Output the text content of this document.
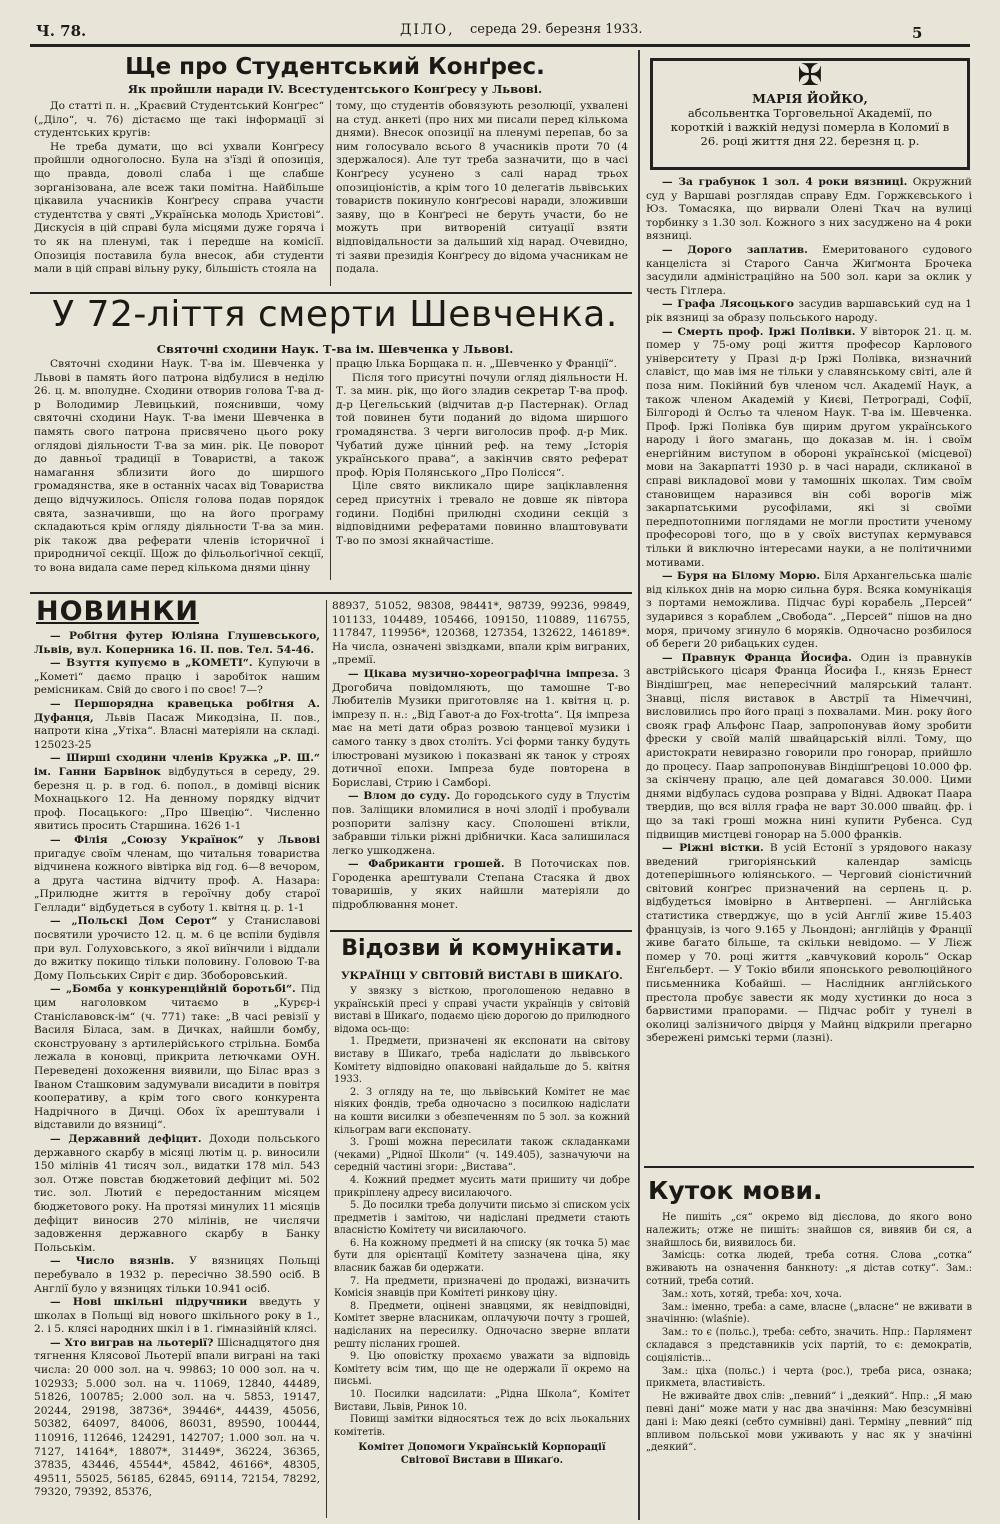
Ч. 78.	ДІЛО, середа 29. березня 1933.	5
Ще про Студентський Конґрес.
Як пройшли наради IV. Всестудентського Конґресу у Львові.

До статті п. н. „Краєвий Студентський Конґрес“ („Діло“, ч. 76) дістаємо ще такі інформації зі студентських кругів:

Не треба думати, що всі ухвали Конґресу пройшли одноголосно. Була на з'їзді й опозиція, що правда, доволі слаба і ще слабше зорганізована, але всеж таки помітна. Найбільше цікавила учасників Конґресу справа участи студентства у святі „Українська молодь Христові“. Дискусія в цій справі була місцями дуже горяча і то як на пленумі, так і передше на комісії. Опозиція поставила була внесок, аби студенти мали в цій справі вільну руку, більшість стояла на

тому, що студентів обовязують резолюції, ухвалені на студ. анкеті (про них ми писали перед кількома днями). Внесок опозиції на пленумі перепав, бо за ним голосувало всього 8 учасників проти 70 (4 здержалося). Але тут треба зазначити, що в часі Конґресу усунено з салі нарад трьох опозиціоністів, а крім того 10 делегатів львівських товариств покинуло конґресові наради, зложивши заяву, що в Конґресі не беруть участи, бо не можуть при витвореній ситуації взяти відповідальности за дальший хід нарад. Очевидно, ті заяви президія Конґресу до відома учасникам не подала.

✠
МАРІЯ ЙОЙКО,
абсольвентка Торговельної Академії, по короткій і важкій недузі померла в Коломиї в 26. році життя дня 22. березня ц. р.

— За грабунок 1 зол. 4 роки вязниці. Окружний суд у Варшаві розглядав справу Едм. Горжкєвського і Юз. Томасяка, що вирвали Олені Ткач на вулиці торбинку з 1.30 зол. Кожного з них засуджено на 4 роки вязниці.

— Дорого заплатив. Емеритованого судового канцеліста зі Старого Санча Жиґмонта Брочека засудили адміністраційно на 500 зол. кари за оклик у честь Гітлера.

— Графа Лясоцького засудив варшавський суд на 1 рік вязниці за образу польського народу.

— Смерть проф. Іржі Полівки. У вівторок 21. ц. м. помер у 75-ому році життя професор Карлового університету у Празі д-р Іржі Полівка, визначний славіст, що мав імя не тільки у славянському світі, але й поза ним. Покійний був членом чсл. Академії Наук, а також членом Академій у Києві, Петрограді, Софії, Білгороді й Ослъо та членом Наук. Т-ва ім. Шевченка. Проф. Іржі Полівка був щирим другом українського народу і його змагань, що доказав м. ін. і своїм енергійним виступом в обороні української (місцевої) мови на Закарпатті 1930 р. в часі наради, скликаної в справі викладової мови у тамошніх школах. Тим своїм становищем наразився він собі ворогів між закарпатськими русофілами, які зі своїми передпотопними поглядами не могли простити ученому професорові того, що в у своїх виступах кермувався тільки й виключно інтересами науки, а не політичними мотивами.

— Буря на Білому Морю. Біля Архангельська шаліє від кількох днів на морю сильна буря. Всяка комунікація з портами неможлива. Підчас бурі корабель „Персей“ зударився з кораблем „Свобода“. „Персей“ пішов на дно моря, причому згинуло 6 моряків. Одночасно розбилося об береги 20 рибацьких суден.

— Правнук Франца Йосифа. Один із правнуків австрійського цісаря Франца Йосифа І., князь Ернест Віндішґрец, має непересічний малярський талант. Знавці, після виставок в Австрії та Німеччині, висловились про його праці з похвалами. Мин. року його свояк граф Альфонс Паар, запропонував йому зробити фрески у своїй малій швайцарській віллі. Тому, що аристократи невиразно говорили про гонорар, прийшло до процесу. Паар запропонував Віндішґрецові 10.000 фр. за скінчену працю, але цей домагався 30.000. Цими днями відбулась судова розправа у Відні. Адвокат Паара твердив, що вся вілля графа не варт 30.000 швайц. фр. і що за такі гроші можна нині купити Рубенса. Суд підвищив мистцеві гонорар на 5.000 франків.

— Ріжні вістки. В усій Естонії з урядового наказу введений григоріянський календар замісць дотеперішнього юліянського. — Черговий сіоністичний світовий конґрес призначений на серпень ц. р. відбудеться імовірно в Антверпені. — Англійська статистика стверджує, що в усій Англії живе 15.403 французів, із чого 9.165 у Льондоні; англійців у Франції живе багато більше, та скільки невідомо. — У Лієж помер у 70. році життя „кавчуковий король“ Оскар Енґельберт. — У Токіо вбили японського революційного письменника Кобайші. — Наслідник англійського престола пробує завести як моду хустинки до носа з барвистими прапорами. — Підчас робіт у тунелі в околиці залізничого двірця у Майнц відкрили прегарно збережені римські терми (лазні).

У 72-ліття смерти Шевченка.
Святочні сходини Наук. Т-ва ім. Шевченка у Львові.

Святочні сходини Наук. Т-ва ім. Шевченка у Львові в память його патрона відбулися в неділю 26. ц. м. вполудне. Сходини отворив голова Т-ва д-р Володимир Левицький, пояснивши, чому святочні сходини Наук. Т-ва імени Шевченка в память свого патрона присвячено цього року оглядові діяльности Т-ва за мин. рік. Це поворот до давньої традиції в Товаристві, а також намагання зблизити його до ширшого громадянства, яке в останніх часах від Товариства дещо відчужилось. Опісля голова подав порядок свята, зазначивши, що на його програму складаються крім огляду діяльности Т-ва за мин. рік також два реферати членів історичної і природничої секції. Щож до фільольоґічної секції, то вона видала саме перед кількома днями цінну

працю Ількa Борщака п. н. „Шевченко у Франції“.

Після того присутні почули огляд діяльности Н. Т. за мин. рік, що його зладив секретар Т-ва проф. д-р Цегельський (відчитав д-р Пастернак). Оглад той повинен бути поданий до відома ширшого громадянства. З черги виголосив проф. д-р Мик. Чубатий дуже цінний реф. на тему „Історія українського права“, а закінчив свято реферат проф. Юрія Полянського „Про Полісся“.

Ціле свято викликало щире заціклавлення серед присутніх і тревало не довше як півтора години. Подібні прилюдні сходини секцій з відповідними рефератами повинно влаштовувати Т-во по змозі якнайчастіше.

НОВИНКИ

— Робітня футер Юліяна Глушевського, Львів, вул. Коперника 16. ІІ. пов. Тел. 54-46.

— Взуття купуємо в „КОМЕТІ“. Купуючи в „Кометі“ даємо працю і заробіток нашим ремісникам. Свій до свого і по своє! 7—?

— Першорядна кравецька робітня А. Дуфанця, Львів Пасаж Микодзіна, ІІ. пов., напроти кіна „Утіха“. Власні матеріяли на складі. 125023-25

— Ширші сходини членів Кружка „Р. Ш.“ ім. Ганни Барвінок відбудуться в середу, 29. березня ц. р. в год. 6. попол., в домівці вісник Мохнацького 12. На денному порядку відчит проф. Посацького: „Про Швецію“. Численно явитись просить Старшина. 1626 1-1

— Філія „Союзу Українок“ у Львові пригадує своїм членам, що читальня товариства відчинена кожного вівтірка від год. 6—8 вечором, а друга частина відчиту проф. А. Назара: „Прилюдне життя в героїчну добу старої Геллади“ відбудеться в суботу 1. квітня ц. р. 1-1

— „Польскі Дом Серот“ у Станиславові посвятили урочисто 12. ц. м. 6 це вспіли будівля при вул. Голуховського, з якої виїнчили і віддали до вжитку покищо тільки половину. Головою Т-ва Дому Польських Сиріт є дир. Збоборовський.

— „Бомба у конкуренційній боротьбі“. Під цим наголовком читаємо в „Курєр-і Станіславовск-ім“ (ч. 771) таке: „В часі ревізії у Василя Біласа, зам. в Дичках, найшли бомбу, сконструовану з артилерійського стрільна. Бомба лежала в коновці, прикрита летючками ОУН. Переведені дохоження виявили, що Білас враз з Іваном Сташковим задумували висадити в повітря кооперативу, а крім того свого конкурента Надрічного в Дичці. Обох їх арештували і відставили до вязниці“.

— Державний дефіцит. Доходи польського державного скарбу в місяці лютім ц. р. виносили 150 мілінів 41 тисяч зол., видатки 178 міл. 543 зол. Отже повстав бюджетовий дефіцит мі. 502 тис. зол. Лютий є передостанним місяцем бюджетового року. На протязі минулих 11 місяців дефіцит виносив 270 мілінів, не числячи задовження державного скарбу в Банку Польськім.

— Число вязнів. У вязницях Польщі перебувало в 1932 р. пересічно 38.590 осіб. В Англії було у вязницях тільки 10.941 осіб.

— Нові шкільні підручники введуть у школах в Польщі від нового шкільного року в 1., 2. і 5. клясі народних шкіл і в 1. ґімназійній клясі.

— Хто виграв на льотерії? Шіснадцятого дня тягнення Клясової Льотерії впали виграні на такі числа: 20 000 зол. на ч. 99863; 10 000 зол. на ч. 102933; 5.000 зол. на ч. 11069, 12840, 44489, 51826, 100785; 2.000 зол. на ч. 5853, 19147, 20244, 29198, 38736*, 39446*, 44439, 45056, 50382, 64097, 84006, 86031, 89590, 100444, 110916, 112646, 124291, 142707; 1.000 зол. на ч. 7127, 14164*, 18807*, 31449*, 36224, 36365, 37835, 43446, 45544*, 45842, 46166*, 48305, 49511, 55025, 56185, 62845, 69114, 72154, 78292, 79320, 79392, 85376,

88937, 51052, 98308, 98441*, 98739, 99236, 99849, 101133, 104489, 105466, 109150, 110889, 116755, 117847, 119956*, 120368, 127354, 132622, 146189*. На числа, означені звіздками, впали крім виграних, „премії.

— Цікава музично-хореографічна імпреза. З Дрогобича повідомляють, що тамошне Т-во Любителів Музики приготовляє на 1. квітня ц. р. імпрезу п. н.: „Від Ґавот-а до Fox-trotta“. Ця імпреза має на меті дати образ розвою танцевої музики і самого танку з двох століть. Усі форми танку будуть ілюстровані музикою і показвані як танок у строях дотичної епохи. Імпреза буде повторена в Бориславі, Стрию і Самборі.

— Влом до суду. До городського суду в Тлустім пов. Заліщики вломилися в ночі злодії і пробували розпорити залізну касу. Сполошені втікли, забравши тільки ріжні дрібнички. Каса залишилася легко ушкоджена.

— Фабриканти грошей. В Поточисках пов. Городенка арештували Степана Стасяка й двох товаришів, у яких найшли матеріяли до підроблювання монет.

Відозви й комунікати.
УКРАЇНЦІ У СВІТОВІЙ ВИСТАВІ В ШИКАҐО.

У звязку з вісткою, проголошеною недавно в українській пресі у справі участи українців у світовій виставі в Шикаґо, подаємо цією дорогою до прилюдного відома ось-що:

1. Предмети, призначені як експонати на світову виставу в Шикаґо, треба надіслати до львівського Комітету відповідно опаковані найдальше до 5. квітня 1933.

2. З огляду на те, що львівський Комітет не має ніяких фондів, треба одночасно з посилкою надіслати на кошти висилки з обезпеченням по 5 зол. за кожний кільограм ваги експонату.

3. Гроші можна пересилати також складанками (чеками) „Рідної Школи“ (ч. 149.405), зазначуючи на середній частині згори: „Вистава“.

4. Кожний предмет мусить мати пришиту чи добре прикріплену адресу висилаючого.

5. До посилки треба долучити письмо зі списком усіх предметів і замітою, чи надіслані предмети стають власністю Комітету чи висилаючого.

6. На кожному предметі й на списку (як точка 5) має бути для орієнтації Комітету зазначена ціна, яку власник бажав би одержати.

7. На предмети, призначені до продажі, визначить Комісія знавців при Комітеті ринкову ціну.

8. Предмети, оцінені знавцями, як невідповідні, Комітет зверне власникам, оплачуючи почту з грошей, надісланих на пересилку. Одночасно зверне вплати решту післаних грошей.

9. Цю оповістку прохаємо уважати за відповідь Комітету всім тим, що ще не одержали її окремо на письмі.

10. Посилки надсилати: „Рідна Школа“, Комітет Вистави, Львів, Ринок 10.

Повищі замітки відносяться теж до всіх льокальних комітетів.

Комітет Допомоги Українській Корпорації Світової Вистави в Шикаґо.

Куток мови.

Не пишіть „ся“ окремо від дієслова, до якого воно належить; отже не пишіть: знайшов ся, вивяив би ся, а знайшлось би, виявилось би.

Замісць: сотка людей, треба сотня. Слова „сотка“ вживають на означення банкноту: „я дістав сотку“. Зам.: сотний, треба сотий.

Зам.: хоть, хотяй, треба: хоч, хоча.

Зам.: іменно, треба: а саме, власне („власне“ не вживати в значінню: (wlaśnie).

Зам.: то є (польс.), треба: себто, значить. Нпр.: Парлямент складався з представників усіх партій, то є: демократів, соціялістів...

Зам.: ціха (польс.) і черта (рос.), треба риса, ознака; прикмета, властивість.

Не вживайте двох слів: „певний“ і „деякий“. Нпр.: „Я маю певні дані“ може мати у нас два значіння: Маю безсумнівні дані і: Маю деякі (себто сумнівні) дані. Терміну „певний“ під впливом польської мови уживають у нас як у значінні „деякий“.
